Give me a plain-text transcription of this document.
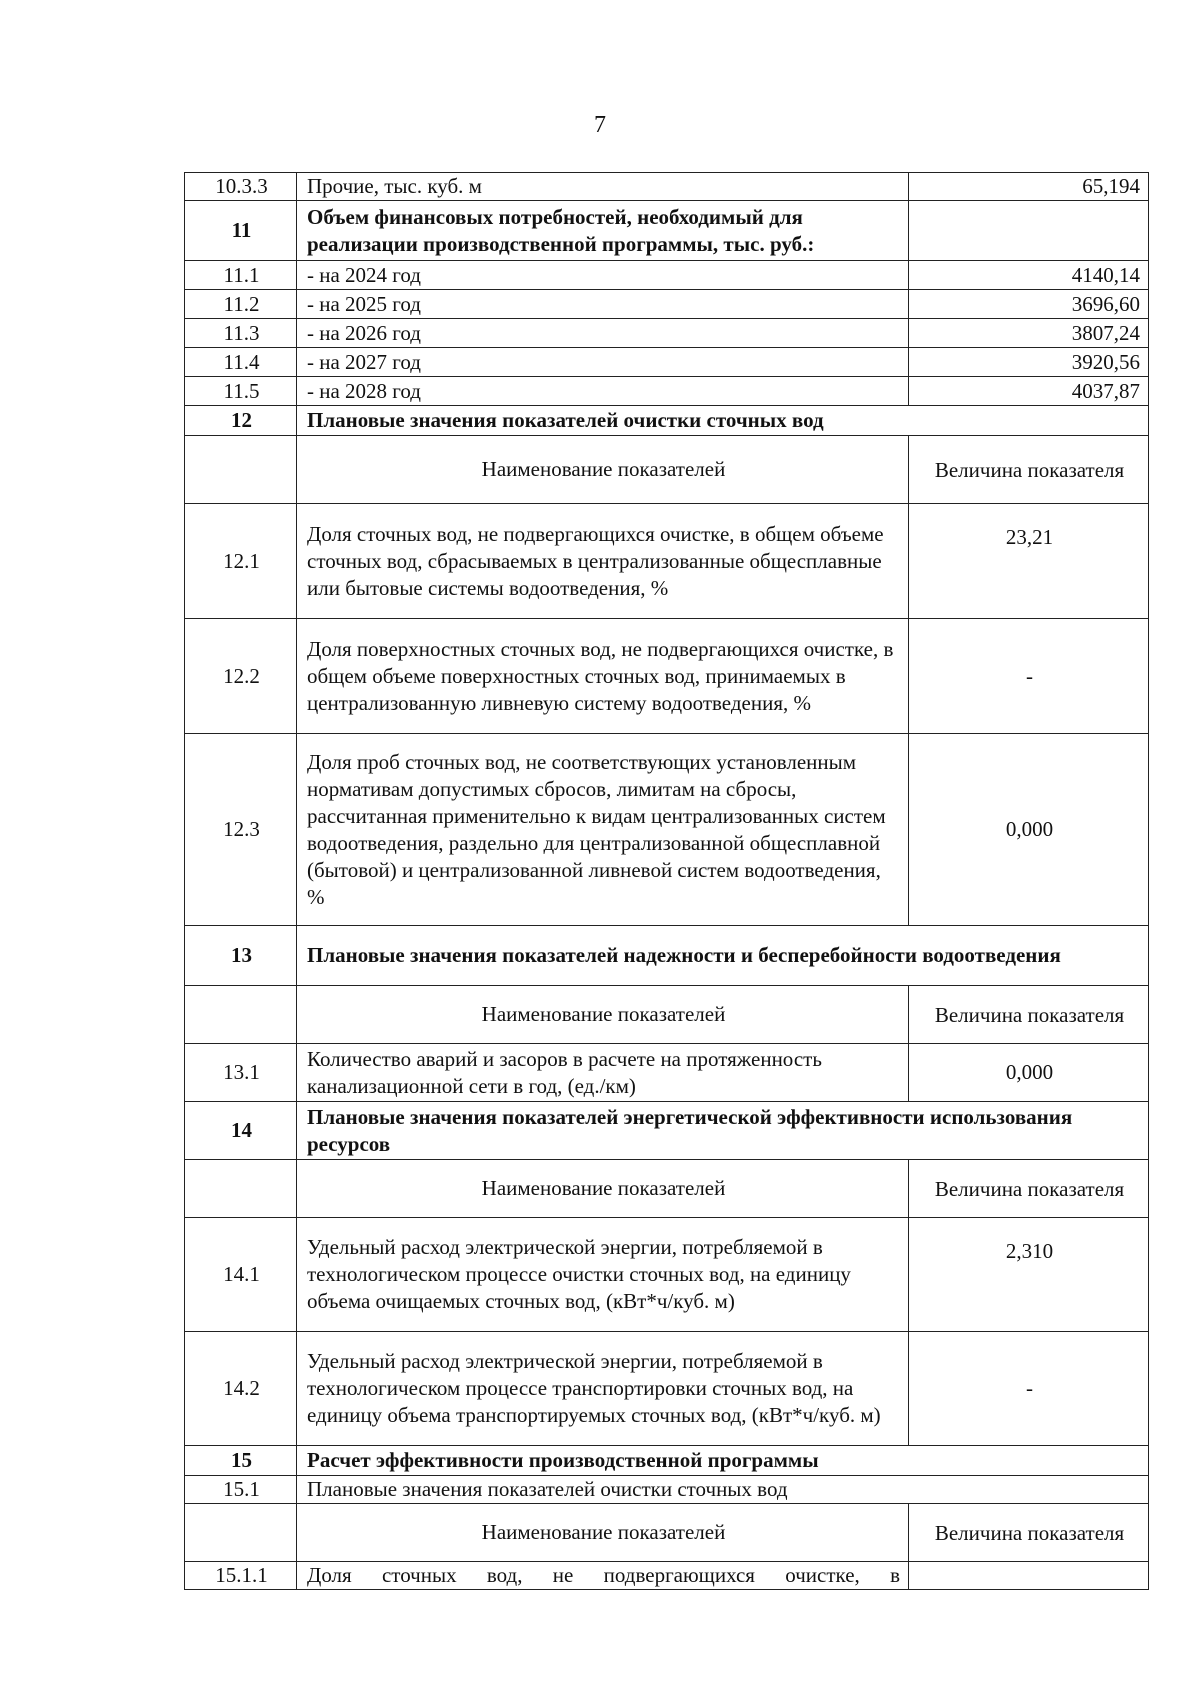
7
10.3.3	Прочие, тыс. куб. м	65,194
11	Объем финансовых потребностей, необходимый для реализации производственной программы, тыс. руб.:	
11.1	- на 2024 год	4140,14
11.2	- на 2025 год	3696,60
11.3	- на 2026 год	3807,24
11.4	- на 2027 год	3920,56
11.5	- на 2028 год	4037,87
12	Плановые значения показателей очистки сточных вод	
	Наименование показателей	Величина показателя
12.1	Доля сточных вод, не подвергающихся очистке, в общем объеме сточных вод, сбрасываемых в централизованные общесплавные или бытовые системы водоотведения, %	23,21
12.2	Доля поверхностных сточных вод, не подвергающихся очистке, в общем объеме поверхностных сточных вод, принимаемых в централизованную ливневую систему водоотведения, %	-
12.3	Доля проб сточных вод, не соответствующих установленным нормативам допустимых сбросов, лимитам на сбросы, рассчитанная применительно к видам централизованных систем водоотведения, раздельно для централизованной общесплавной (бытовой) и централизованной ливневой систем водоотведения, %	0,000
13	Плановые значения показателей надежности и бесперебойности водоотведения	
	Наименование показателей	Величина показателя
13.1	Количество аварий и засоров в расчете на протяженность канализационной сети в год, (ед./км)	0,000
14	Плановые значения показателей энергетической эффективности использования ресурсов	
	Наименование показателей	Величина показателя
14.1	Удельный расход электрической энергии, потребляемой в технологическом процессе очистки сточных вод, на единицу объема очищаемых сточных вод, (кВт*ч/куб. м)	2,310
14.2	Удельный расход электрической энергии, потребляемой в технологическом процессе транспортировки сточных вод, на единицу объема транспортируемых сточных вод, (кВт*ч/куб. м)	-
15	Расчет эффективности производственной программы	
15.1	Плановые значения показателей очистки сточных вод	
	Наименование показателей	Величина показателя
15.1.1	Доля сточных вод, не подвергающихся очистке, в	
